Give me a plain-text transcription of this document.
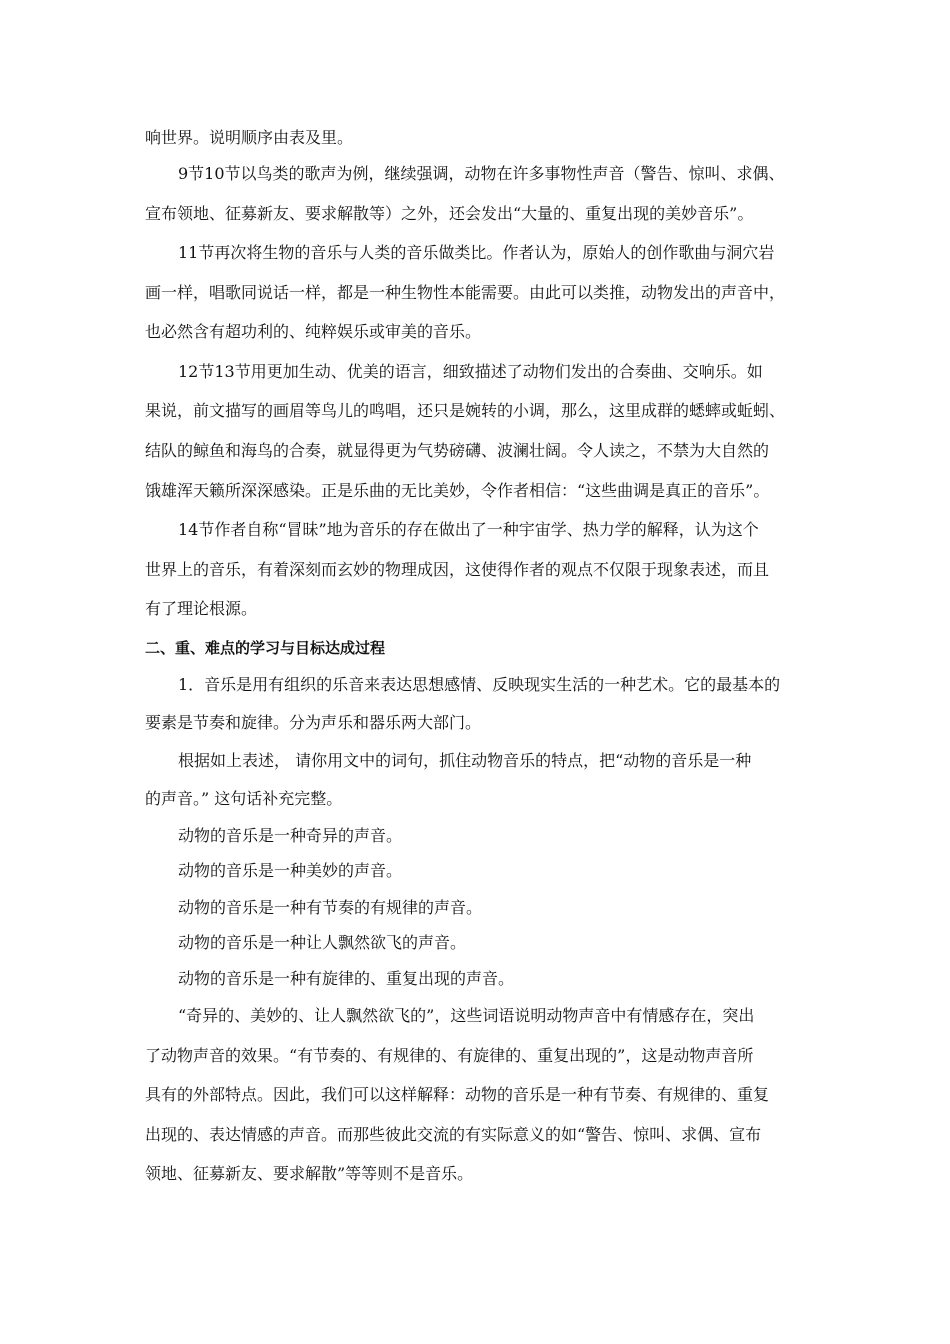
响世界。说明顺序由表及里。
9节10节以鸟类的歌声为例，继续强调，动物在许多事物性声音（警告、惊叫、求偶、
宣布领地、征募新友、要求解散等）之外，还会发出“大量的、重复出现的美妙音乐”。
11节再次将生物的音乐与人类的音乐做类比。作者认为，原始人的创作歌曲与洞穴岩
画一样，唱歌同说话一样，都是一种生物性本能需要。由此可以类推，动物发出的声音中，
也必然含有超功利的、纯粹娱乐或审美的音乐。
12节13节用更加生动、优美的语言，细致描述了动物们发出的合奏曲、交响乐。如
果说，前文描写的画眉等鸟儿的鸣唱，还只是婉转的小调，那么，这里成群的蟋蟀或蚯蚓、
结队的鲸鱼和海鸟的合奏，就显得更为气势磅礴、波澜壮阔。令人读之，不禁为大自然的
饿雄浑天籁所深深感染。正是乐曲的无比美妙，令作者相信：“这些曲调是真正的音乐”。
14节作者自称“冒昧”地为音乐的存在做出了一种宇宙学、热力学的解释，认为这个
世界上的音乐，有着深刻而玄妙的物理成因，这使得作者的观点不仅限于现象表述，而且
有了理论根源。
二、重、难点的学习与目标达成过程
1．音乐是用有组织的乐音来表达思想感情、反映现实生活的一种艺术。它的最基本的
要素是节奏和旋律。分为声乐和器乐两大部门。
根据如上表述， 请你用文中的词句，抓住动物音乐的特点，把“动物的音乐是一种
的声音。” 这句话补充完整。
动物的音乐是一种奇异的声音。
动物的音乐是一种美妙的声音。
动物的音乐是一种有节奏的有规律的声音。
动物的音乐是一种让人飘然欲飞的声音。
动物的音乐是一种有旋律的、重复出现的声音。
“奇异的、美妙的、让人飘然欲飞的”，这些词语说明动物声音中有情感存在，突出
了动物声音的效果。“有节奏的、有规律的、有旋律的、重复出现的”，这是动物声音所
具有的外部特点。因此，我们可以这样解释：动物的音乐是一种有节奏、有规律的、重复
出现的、表达情感的声音。而那些彼此交流的有实际意义的如“警告、惊叫、求偶、宣布
领地、征募新友、要求解散”等等则不是音乐。
